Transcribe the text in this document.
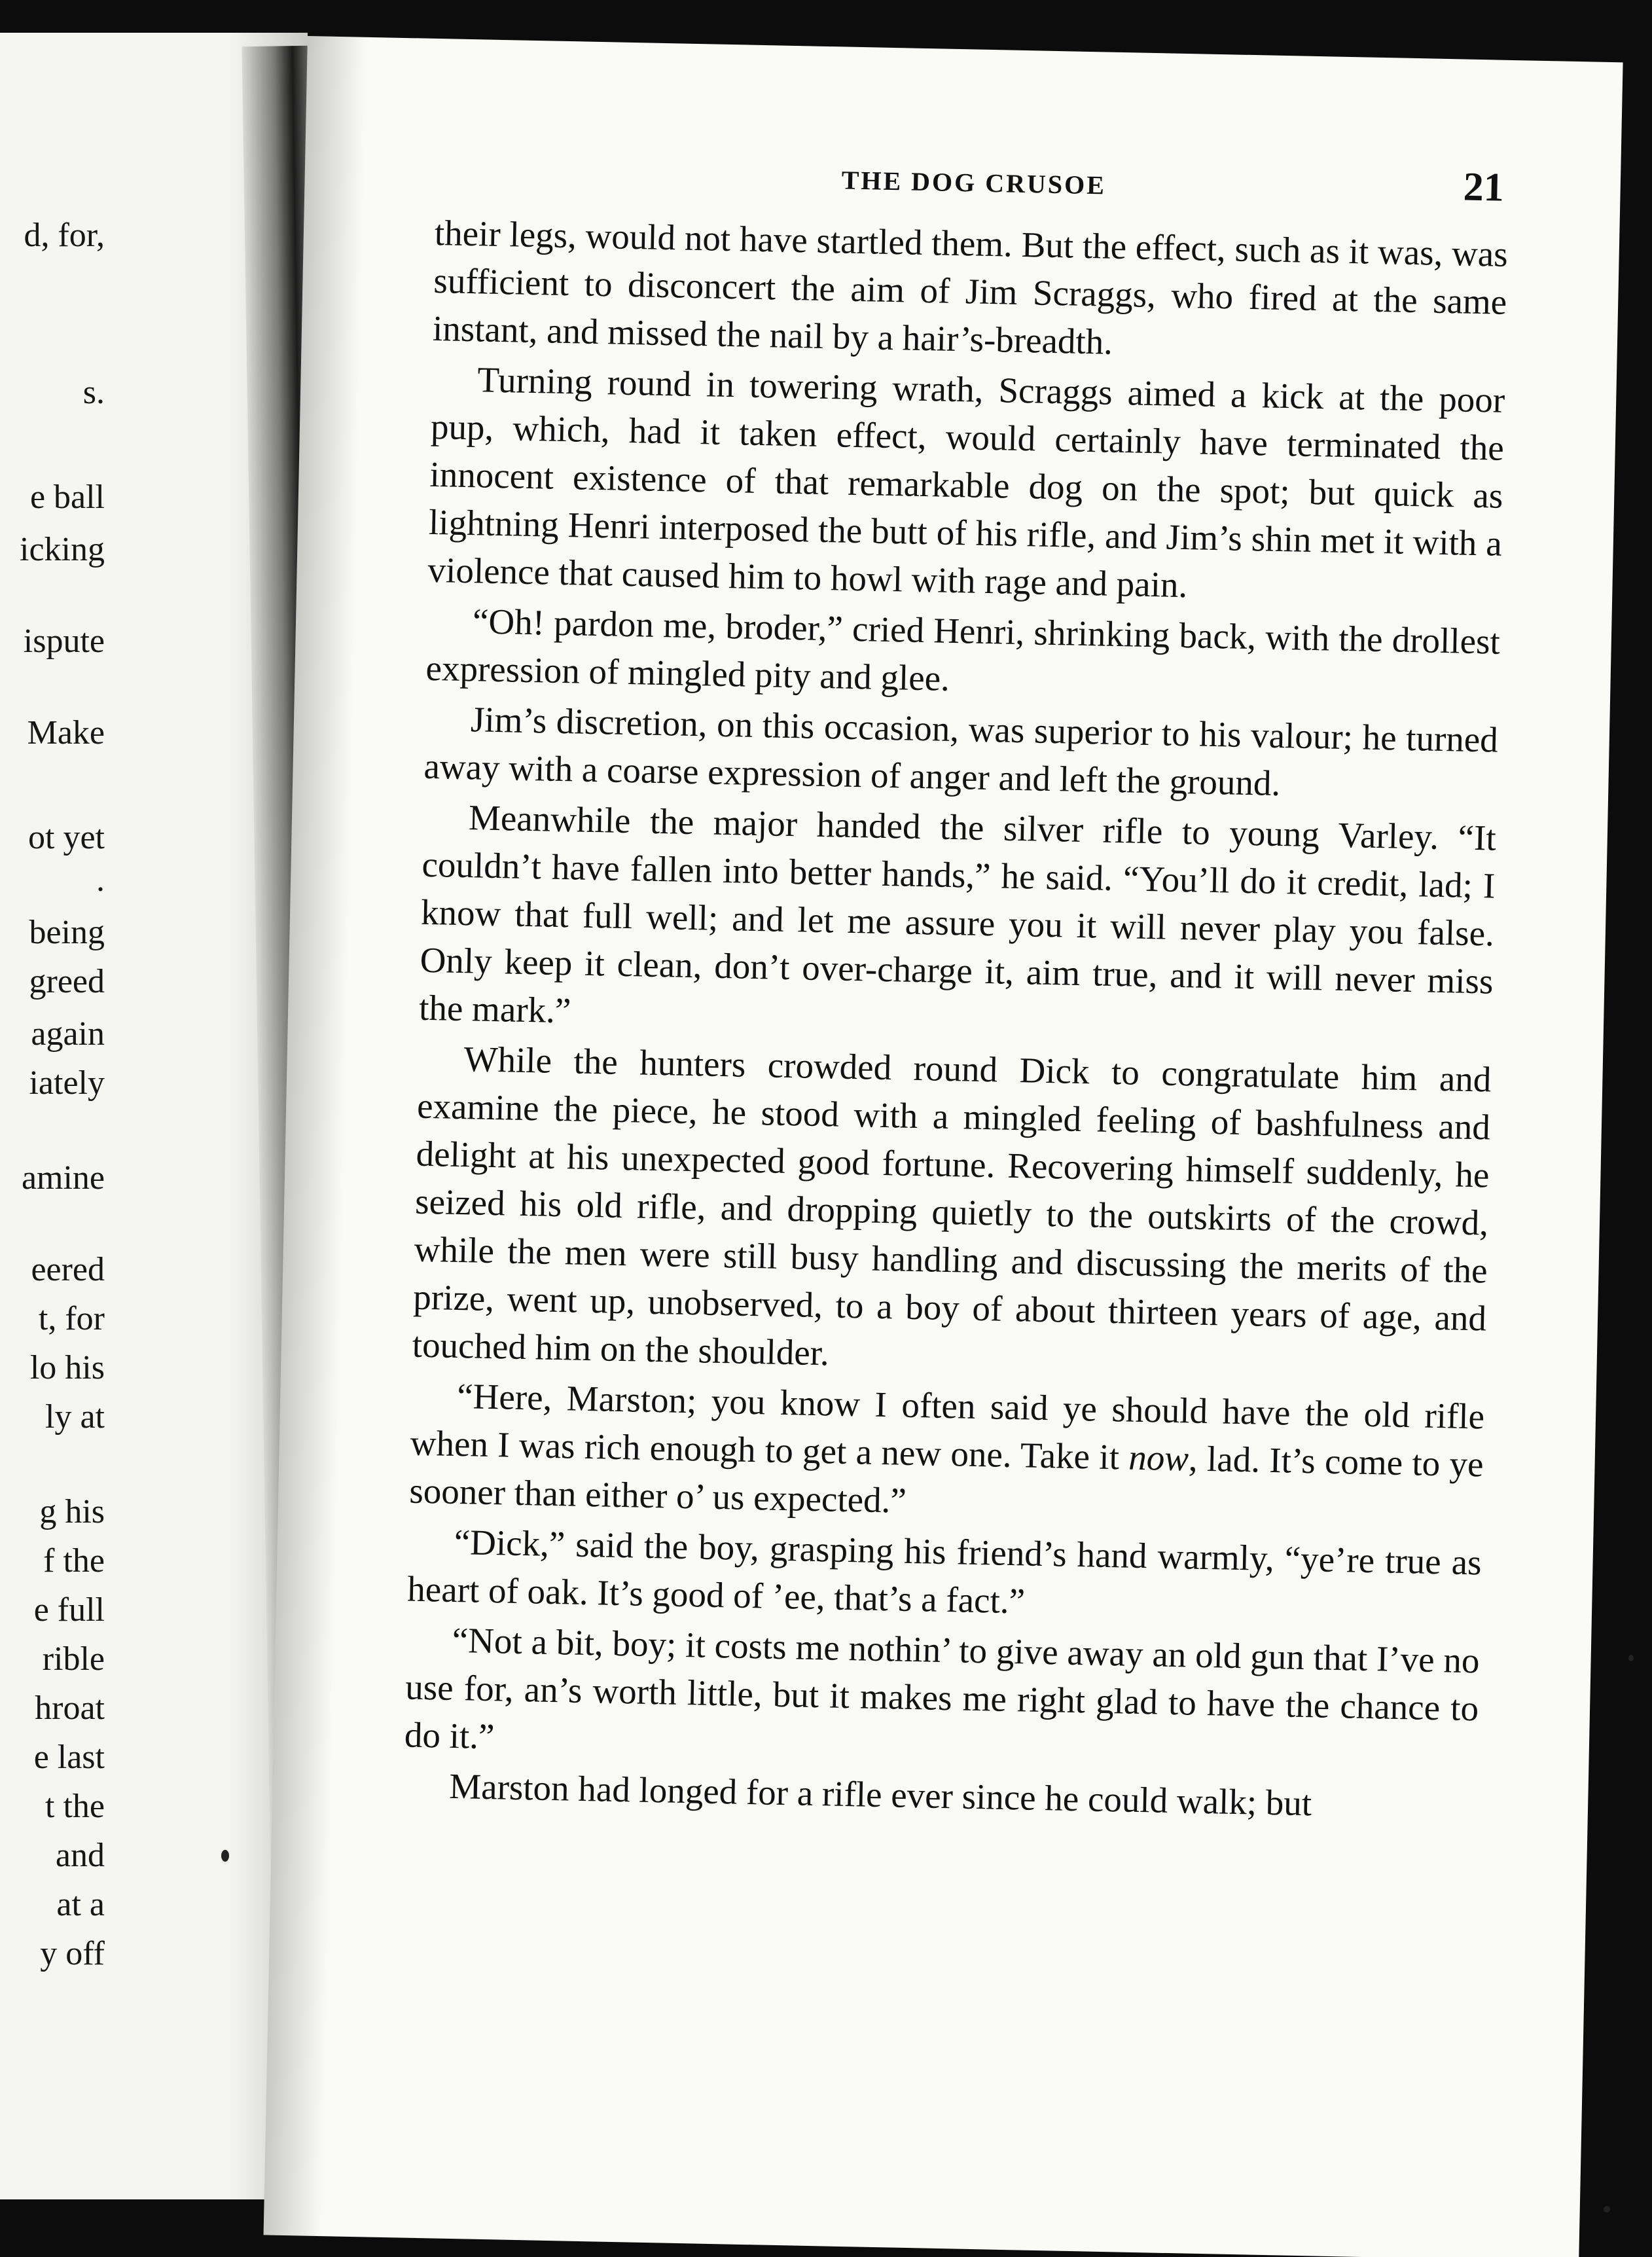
d, for,
s.
e ball
icking
ispute
Make
ot yet
.
being
greed
again
iately
amine
eered
t, for
lo his
ly at
g his
f the
e full
rible
hroat
e last
t the
and
at a
y off
THE DOG CRUSOE	21

their legs, would not have startled them. But the effect, such as it was, was sufficient to disconcert the aim of Jim Scraggs, who fired at the same instant, and missed the nail by a hair’s-breadth.

Turning round in towering wrath, Scraggs aimed a kick at the poor pup, which, had it taken effect, would certainly have terminated the innocent existence of that remarkable dog on the spot; but quick as lightning Henri interposed the butt of his rifle, and Jim’s shin met it with a violence that caused him to howl with rage and pain.

“Oh! pardon me, broder,” cried Henri, shrinking back, with the drollest expression of mingled pity and glee.

Jim’s discretion, on this occasion, was superior to his valour; he turned away with a coarse expression of anger and left the ground.

Meanwhile the major handed the silver rifle to young Varley. “It couldn’t have fallen into better hands,” he said. “You’ll do it credit, lad; I know that full well; and let me assure you it will never play you false. Only keep it clean, don’t over-charge it, aim true, and it will never miss the mark.”

While the hunters crowded round Dick to congratulate him and examine the piece, he stood with a mingled feeling of bashfulness and delight at his unexpected good fortune. Recovering himself suddenly, he seized his old rifle, and dropping quietly to the outskirts of the crowd, while the men were still busy handling and discussing the merits of the prize, went up, unobserved, to a boy of about thirteen years of age, and touched him on the shoulder.

“Here, Marston; you know I often said ye should have the old rifle when I was rich enough to get a new one. Take it now, lad. It’s come to ye sooner than either o’ us expected.”

“Dick,” said the boy, grasping his friend’s hand warmly, “ye’re true as heart of oak. It’s good of ’ee, that’s a fact.”

“Not a bit, boy; it costs me nothin’ to give away an old gun that I’ve no use for, an’s worth little, but it makes me right glad to have the chance to do it.”

Marston had longed for a rifle ever since he could walk; but
